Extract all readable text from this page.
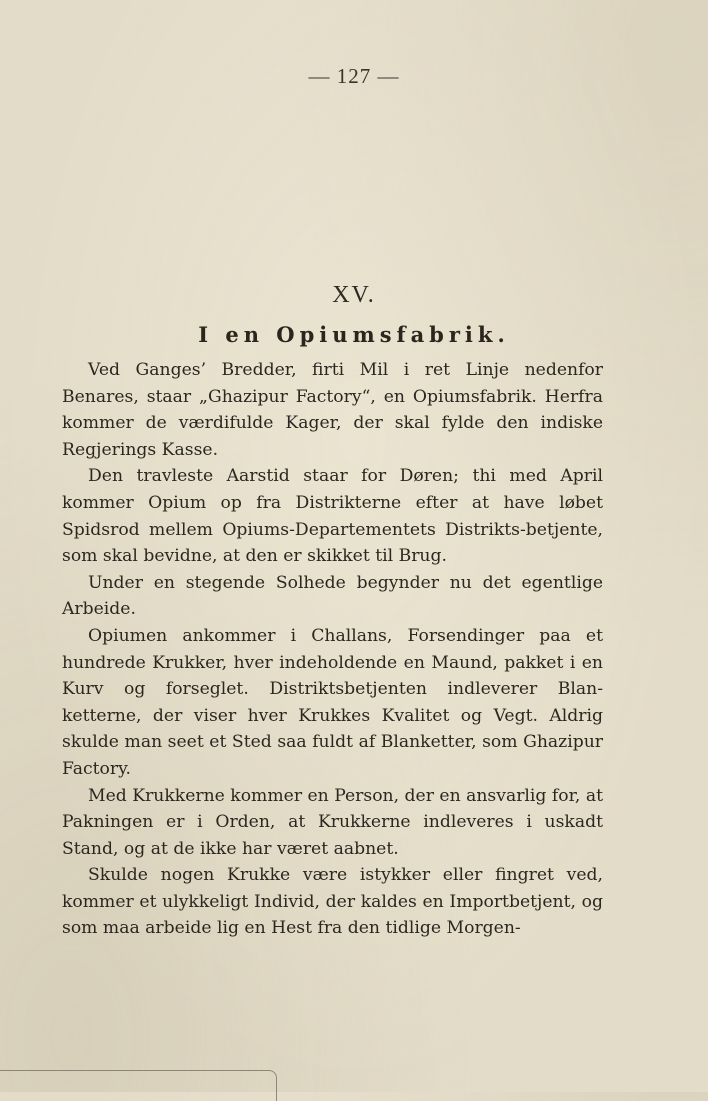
— 127 —
XV.
I en Opiumsfabrik.

Ved Ganges’ Bredder, firti Mil i ret Linje nedenfor Benares, staar „Ghazipur Factory“, en Opiumsfabrik. Herfra kommer de værdifulde Kager, der skal fylde den indiske Regjerings Kasse.

Den travleste Aarstid staar for Døren; thi med April kommer Opium op fra Distrikterne efter at have løbet Spidsrod mellem Opiums-Departementets Distrikts-betjente, som skal bevidne, at den er skikket til Brug.

Under en stegende Solhede begynder nu det egentlige Arbeide.

Opiumen ankommer i Challans, Forsendinger paa et hundrede Krukker, hver indeholdende en Maund, pakket i en Kurv og forseglet. Distriktsbetjenten indleverer Blan-ketterne, der viser hver Krukkes Kvalitet og Vegt. Aldrig skulde man seet et Sted saa fuldt af Blanketter, som Ghazipur Factory.

Med Krukkerne kommer en Person, der en ansvarlig for, at Pakningen er i Orden, at Krukkerne indleveres i uskadt Stand, og at de ikke har været aabnet.

Skulde nogen Krukke være istykker eller fingret ved, kommer et ulykkeligt Individ, der kaldes en Importbetjent, og som maa arbeide lig en Hest fra den tidlige Morgen-
